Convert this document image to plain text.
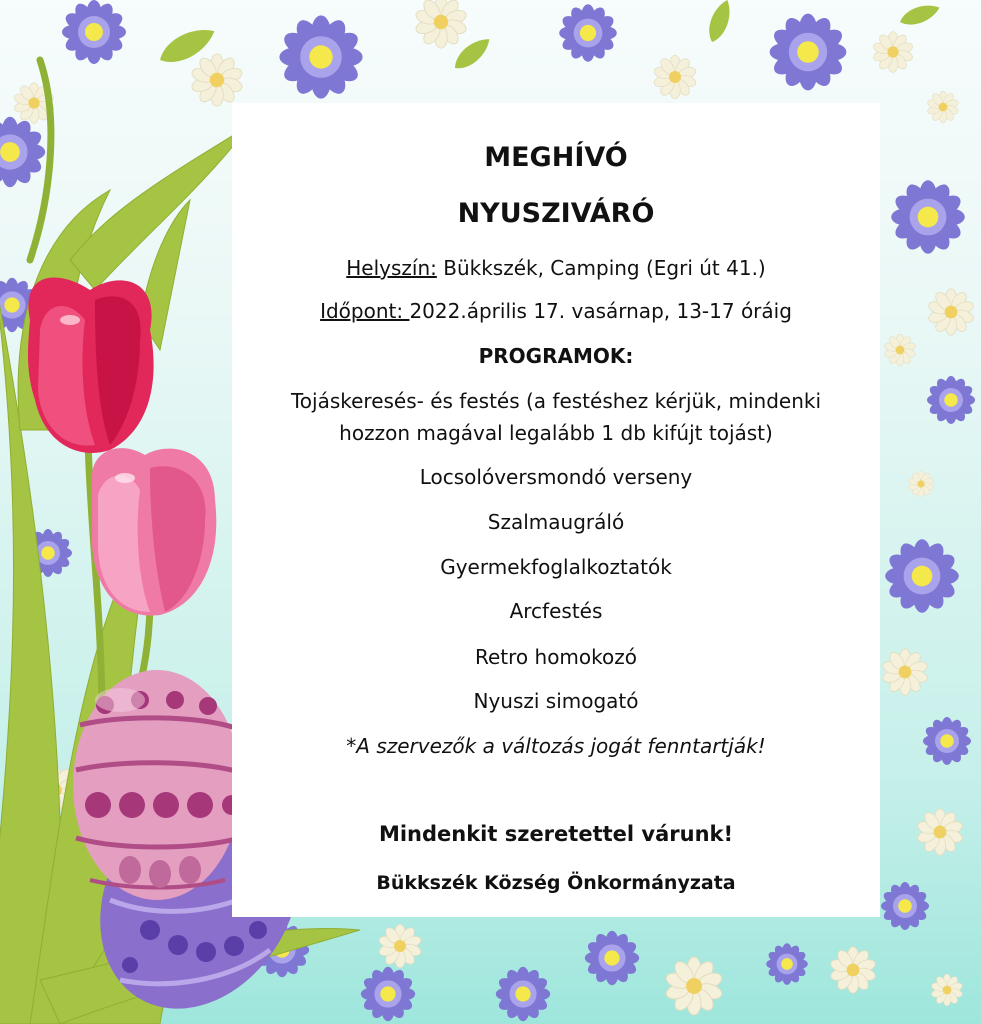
MEGHÍVÓ
NYUSZIVÁRÓ
Helyszín: Bükkszék, Camping (Egri út 41.)
Időpont: 2022.április 17. vasárnap, 13-17 óráig
PROGRAMOK:
Tojáskeresés- és festés (a festéshez kérjük, mindenki
hozzon magával legalább 1 db kifújt tojást)
Locsolóversmondó verseny
Szalmaugráló
Gyermekfoglalkoztatók
Arcfestés
Retro homokozó
Nyuszi simogató
*A szervezők a változás jogát fenntartják!
Mindenkit szeretettel várunk!
Bükkszék Község Önkormányzata
